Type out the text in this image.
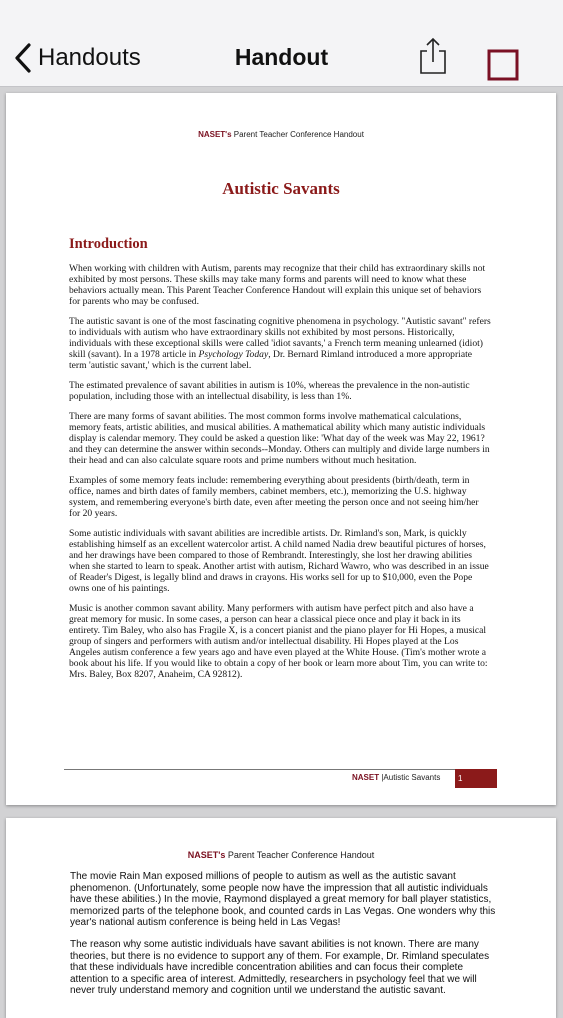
Handouts	Handout
NASET's Parent Teacher Conference Handout
Autistic Savants
Introduction

When working with children with Autism, parents may recognize that their child has extraordinary skills not exhibited by most persons. These skills may take many forms and parents will need to know what these behaviors actually mean. This Parent Teacher Conference Handout will explain this unique set of behaviors for parents who may be confused.

The autistic savant is one of the most fascinating cognitive phenomena in psychology. "Autistic savant" refers to individuals with autism who have extraordinary skills not exhibited by most persons. Historically, individuals with these exceptional skills were called 'idiot savants,' a French term meaning unlearned (idiot) skill (savant). In a 1978 article in Psychology Today, Dr. Bernard Rimland introduced a more appropriate term 'autistic savant,' which is the current label.

The estimated prevalence of savant abilities in autism is 10%, whereas the prevalence in the non-autistic population, including those with an intellectual disability, is less than 1%.

There are many forms of savant abilities. The most common forms involve mathematical calculations, memory feats, artistic abilities, and musical abilities. A mathematical ability which many autistic individuals display is calendar memory. They could be asked a question like: 'What day of the week was May 22, 1961? and they can determine the answer within seconds--Monday. Others can multiply and divide large numbers in their head and can also calculate square roots and prime numbers without much hesitation.

Examples of some memory feats include: remembering everything about presidents (birth/death, term in office, names and birth dates of family members, cabinet members, etc.), memorizing the U.S. highway system, and remembering everyone's birth date, even after meeting the person once and not seeing him/her for 20 years.

Some autistic individuals with savant abilities are incredible artists. Dr. Rimland's son, Mark, is quickly establishing himself as an excellent watercolor artist. A child named Nadia drew beautiful pictures of horses, and her drawings have been compared to those of Rembrandt. Interestingly, she lost her drawing abilities when she started to learn to speak. Another artist with autism, Richard Wawro, who was described in an issue of Reader's Digest, is legally blind and draws in crayons. His works sell for up to $10,000, even the Pope owns one of his paintings.

Music is another common savant ability. Many performers with autism have perfect pitch and also have a great memory for music. In some cases, a person can hear a classical piece once and play it back in its entirety. Tim Baley, who also has Fragile X, is a concert pianist and the piano player for Hi Hopes, a musical group of singers and performers with autism and/or intellectual disability. Hi Hopes played at the Los Angeles autism conference a few years ago and have even played at the White House. (Tim's mother wrote a book about his life. If you would like to obtain a copy of her book or learn more about Tim, you can write to: Mrs. Baley, Box 8207, Anaheim, CA 92812).

NASET |Autistic Savants	1
NASET's Parent Teacher Conference Handout

The movie Rain Man exposed millions of people to autism as well as the autistic savant phenomenon. (Unfortunately, some people now have the impression that all autistic individuals have these abilities.) In the movie, Raymond displayed a great memory for ball player statistics, memorized parts of the telephone book, and counted cards in Las Vegas. One wonders why this year's national autism conference is being held in Las Vegas!

The reason why some autistic individuals have savant abilities is not known. There are many theories, but there is no evidence to support any of them. For example, Dr. Rimland speculates that these individuals have incredible concentration abilities and can focus their complete attention to a specific area of interest. Admittedly, researchers in psychology feel that we will never truly understand memory and cognition until we understand the autistic savant.
